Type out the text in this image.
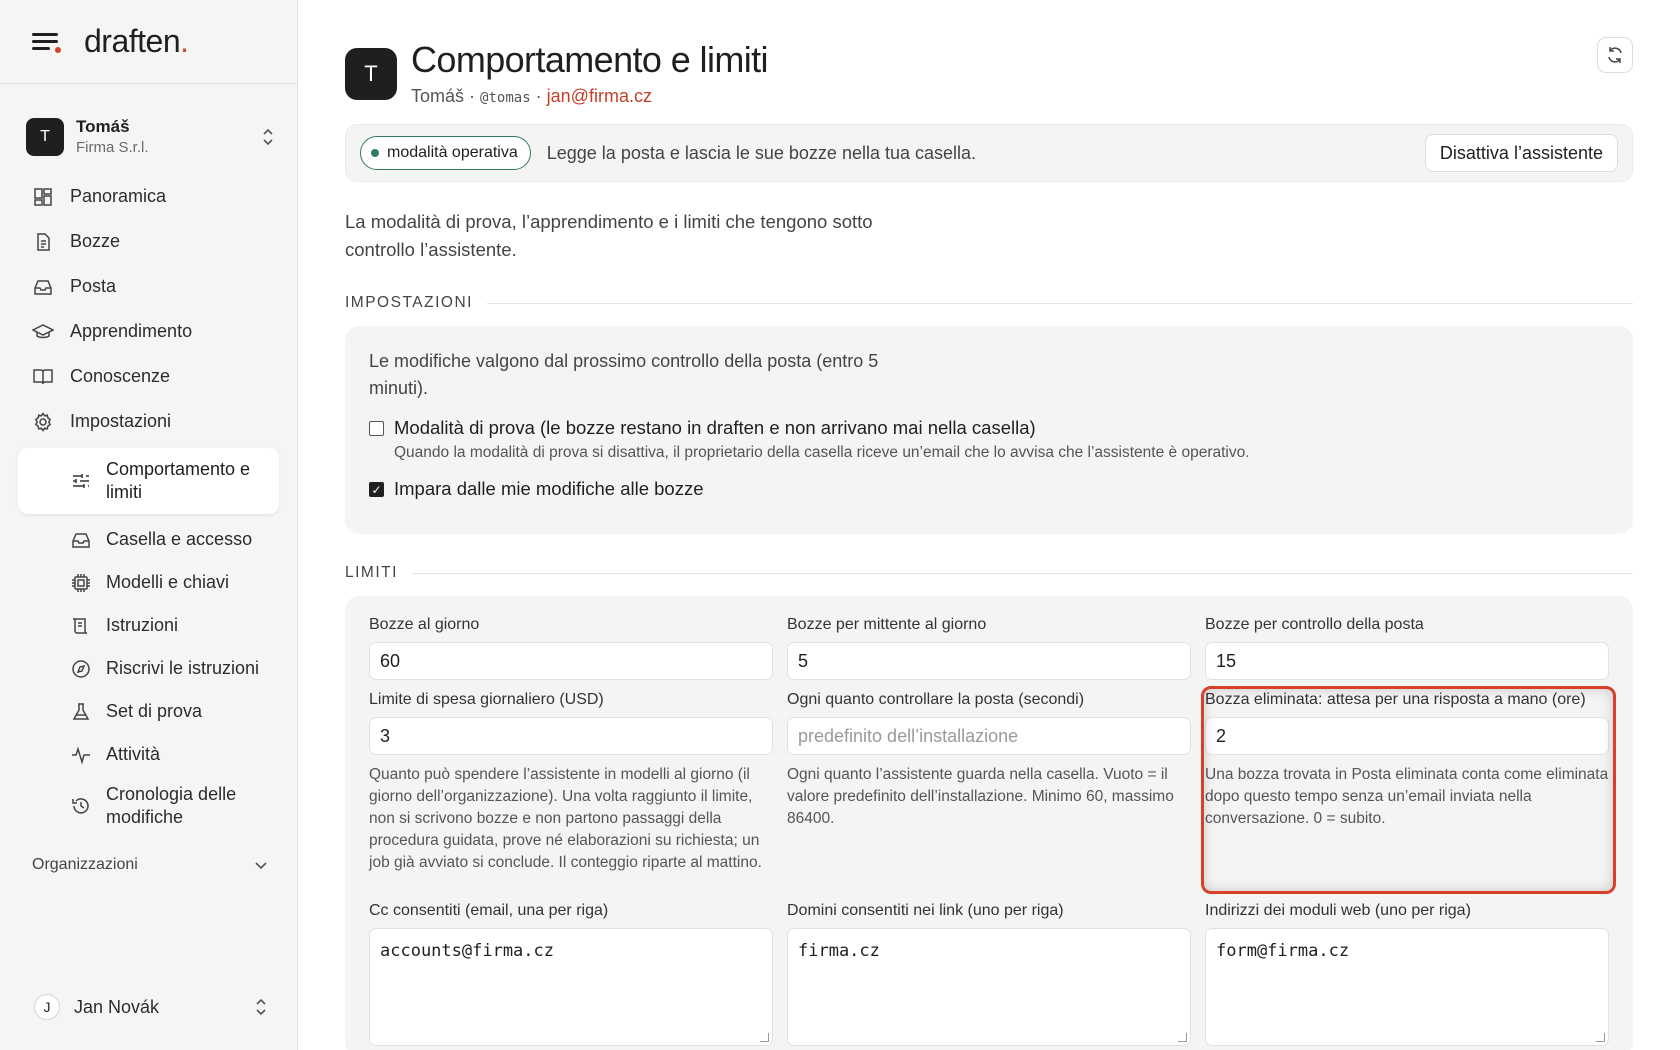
draften.
T
Tomáš
Firma S.r.l.
Panoramica
Bozze
Posta
Apprendimento
Conoscenze
Impostazioni
Comportamento e limiti
Casella e accesso
Modelli e chiavi
Istruzioni
Riscrivi le istruzioni
Set di prova
Attività
Cronologia delle modifiche
Organizzazioni
J	Jan Novák
T Comportamento e limiti
Tomáš · @tomas · jan@firma.cz
modalità operativa Legge la posta e lascia le sue bozze nella tua casella.	Disattiva l’assistente

La modalità di prova, l’apprendimento e i limiti che tengono sotto controllo l’assistente.

IMPOSTAZIONI

Le modifiche valgono dal prossimo controllo della posta (entro 5 minuti).

Modalità di prova (le bozze restano in draften e non arrivano mai nella casella)
Quando la modalità di prova si disattiva, il proprietario della casella riceve un’email che lo avvisa che l’assistente è operativo.
✓ Impara dalle mie modifiche alle bozze
LIMITI
Bozze al giorno
60
Bozze per mittente al giorno
5
Bozze per controllo della posta
15
Limite di spesa giornaliero (USD)
3

Quanto può spendere l’assistente in modelli al giorno (il giorno dell’organizzazione). Una volta raggiunto il limite, non si scrivono bozze e non partono passaggi della procedura guidata, prove né elaborazioni su richiesta; un job già avviato si conclude. Il conteggio riparte al mattino.

Ogni quanto controllare la posta (secondi)
predefinito dell’installazione

Ogni quanto l’assistente guarda nella casella. Vuoto = il valore predefinito dell’installazione. Minimo 60, massimo 86400.

Bozza eliminata: attesa per una risposta a mano (ore)
2

Una bozza trovata in Posta eliminata conta come eliminata dopo questo tempo senza un’email inviata nella conversazione. 0 = subito.

Cc consentiti (email, una per riga)
accounts@firma.cz
Domini consentiti nei link (uno per riga)
firma.cz
Indirizzi dei moduli web (uno per riga)
form@firma.cz
